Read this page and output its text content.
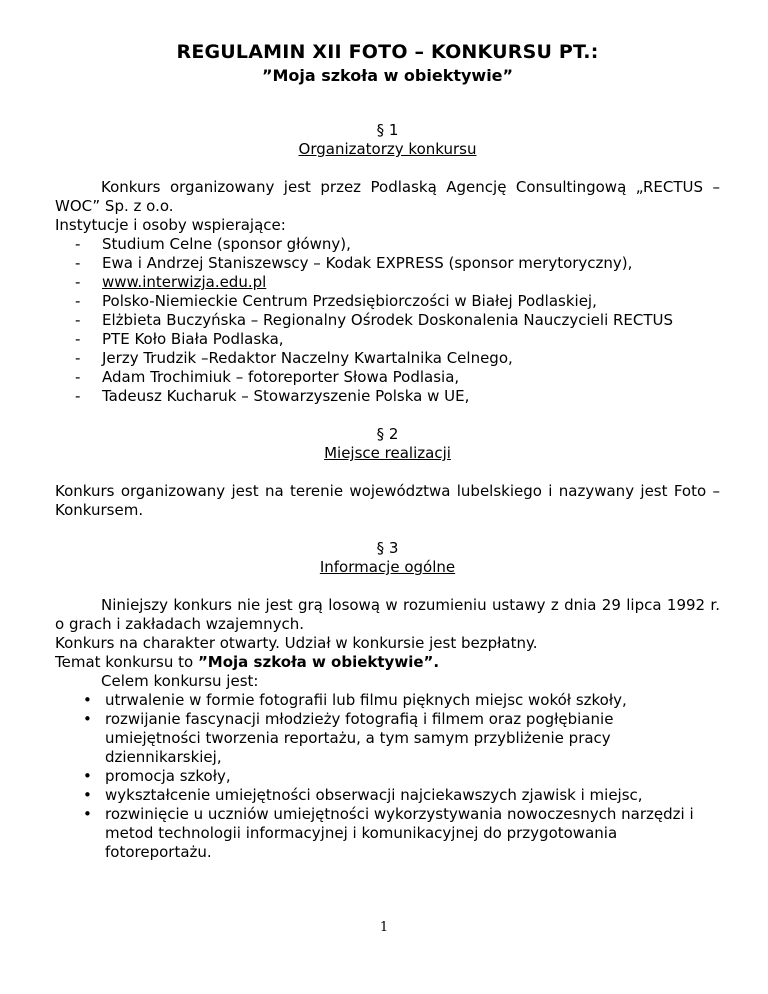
REGULAMIN XII FOTO – KONKURSU PT.:
”Moja szkoła w obiektywie”
§ 1
Organizatorzy konkursu

Konkurs organizowany jest przez Podlaską Agencję Consultingową „RECTUS – WOC” Sp. z o.o.

Instytucje i osoby wspierające:

- Studium Celne (sponsor główny),
- Ewa i Andrzej Staniszewscy – Kodak EXPRESS (sponsor merytoryczny),
- www.interwizja.edu.pl
- Polsko-Niemieckie Centrum Przedsiębiorczości w Białej Podlaskiej,
- Elżbieta Buczyńska – Regionalny Ośrodek Doskonalenia Nauczycieli RECTUS
- PTE Koło Biała Podlaska,
- Jerzy Trudzik –Redaktor Naczelny Kwartalnika Celnego,
- Adam Trochimiuk – fotoreporter Słowa Podlasia,
- Tadeusz Kucharuk – Stowarzyszenie Polska w UE,
§ 2
Miejsce realizacji

Konkurs organizowany jest na terenie województwa lubelskiego i nazywany jest Foto – Konkursem.

§ 3
Informacje ogólne

Niniejszy konkurs nie jest grą losową w rozumieniu ustawy z dnia 29 lipca 1992 r. o grach i zakładach wzajemnych.

Konkurs na charakter otwarty. Udział w konkursie jest bezpłatny.

Temat konkursu to ”Moja szkoła w obiektywie”.

Celem konkursu jest:

• utrwalenie w formie fotografii lub filmu pięknych miejsc wokół szkoły,
• rozwijanie fascynacji młodzieży fotografią i filmem oraz pogłębianie umiejętności tworzenia reportażu, a tym samym przybliżenie pracy dziennikarskiej,
• promocja szkoły,
• wykształcenie umiejętności obserwacji najciekawszych zjawisk i miejsc,
• rozwinięcie u uczniów umiejętności wykorzystywania nowoczesnych narzędzi i metod technologii informacyjnej i komunikacyjnej do przygotowania fotoreportażu.
1
